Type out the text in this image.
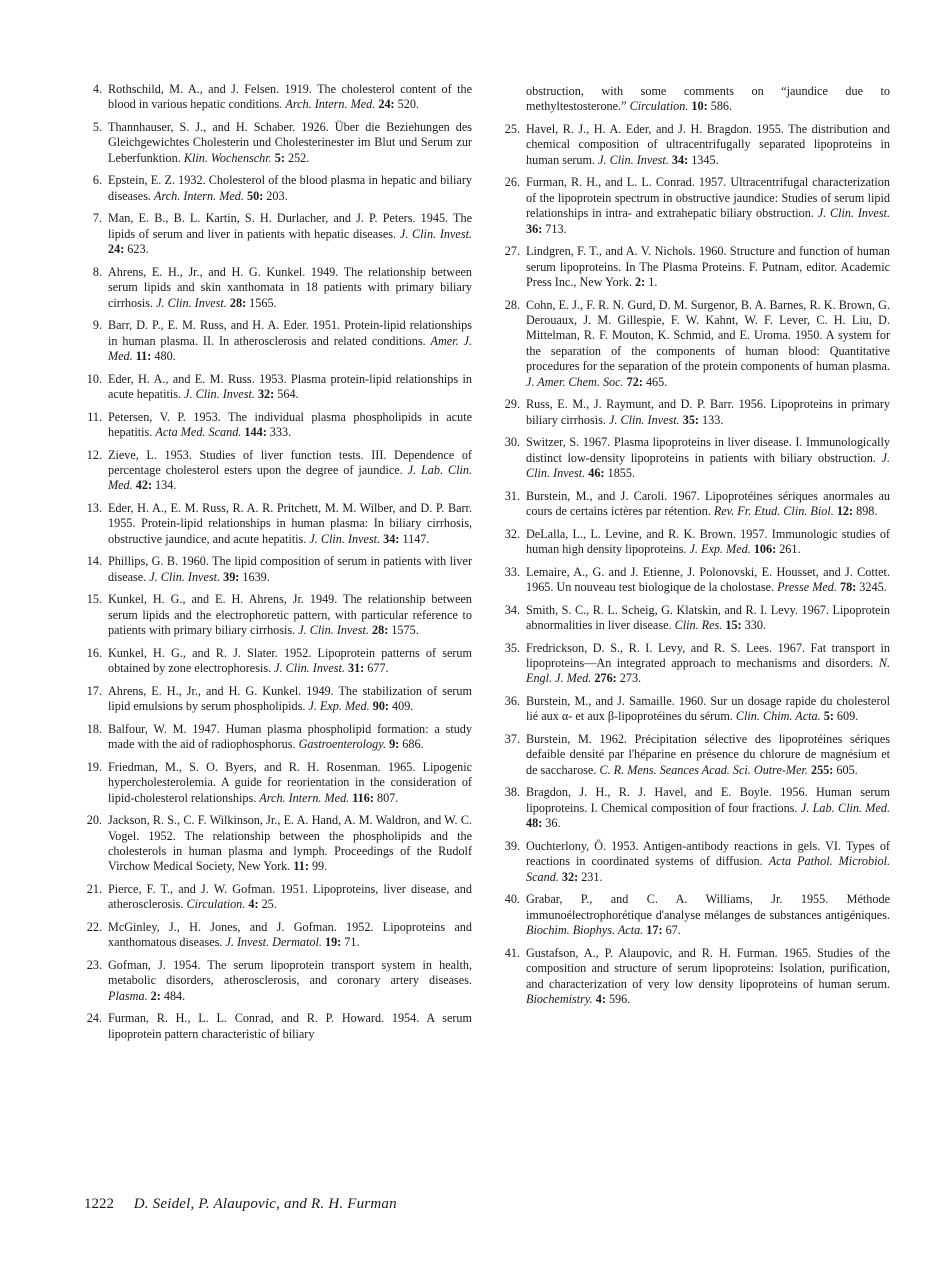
4. Rothschild, M. A., and J. Felsen. 1919. The cholesterol content of the blood in various hepatic conditions. Arch. Intern. Med. 24: 520.
5. Thannhauser, S. J., and H. Schaber. 1926. Über die Beziehungen des Gleichgewichtes Cholesterin und Cholesterinester im Blut und Serum zur Leberfunktion. Klin. Wochenschr. 5: 252.
6. Epstein, E. Z. 1932. Cholesterol of the blood plasma in hepatic and biliary diseases. Arch. Intern. Med. 50: 203.
7. Man, E. B., B. L. Kartin, S. H. Durlacher, and J. P. Peters. 1945. The lipids of serum and liver in patients with hepatic diseases. J. Clin. Invest. 24: 623.
8. Ahrens, E. H., Jr., and H. G. Kunkel. 1949. The relationship between serum lipids and skin xanthomata in 18 patients with primary biliary cirrhosis. J. Clin. Invest. 28: 1565.
9. Barr, D. P., E. M. Russ, and H. A. Eder. 1951. Protein-lipid relationships in human plasma. II. In atherosclerosis and related conditions. Amer. J. Med. 11: 480.
10. Eder, H. A., and E. M. Russ. 1953. Plasma protein-lipid relationships in acute hepatitis. J. Clin. Invest. 32: 564.
11. Petersen, V. P. 1953. The individual plasma phospholipids in acute hepatitis. Acta Med. Scand. 144: 333.
12. Zieve, L. 1953. Studies of liver function tests. III. Dependence of percentage cholesterol esters upon the degree of jaundice. J. Lab. Clin. Med. 42: 134.
13. Eder, H. A., E. M. Russ, R. A. R. Pritchett, M. M. Wilber, and D. P. Barr. 1955. Protein-lipid relationships in human plasma: In biliary cirrhosis, obstructive jaundice, and acute hepatitis. J. Clin. Invest. 34: 1147.
14. Phillips, G. B. 1960. The lipid composition of serum in patients with liver disease. J. Clin. Invest. 39: 1639.
15. Kunkel, H. G., and E. H. Ahrens, Jr. 1949. The relationship between serum lipids and the electrophoretic pattern, with particular reference to patients with primary biliary cirrhosis. J. Clin. Invest. 28: 1575.
16. Kunkel, H. G., and R. J. Slater. 1952. Lipoprotein patterns of serum obtained by zone electrophoresis. J. Clin. Invest. 31: 677.
17. Ahrens, E. H., Jr., and H. G. Kunkel. 1949. The stabilization of serum lipid emulsions by serum phospholipids. J. Exp. Med. 90: 409.
18. Balfour, W. M. 1947. Human plasma phospholipid formation: a study made with the aid of radiophosphorus. Gastroenterology. 9: 686.
19. Friedman, M., S. O. Byers, and R. H. Rosenman. 1965. Lipogenic hypercholesterolemia. A guide for reorientation in the consideration of lipid-cholesterol relationships. Arch. Intern. Med. 116: 807.
20. Jackson, R. S., C. F. Wilkinson, Jr., E. A. Hand, A. M. Waldron, and W. C. Vogel. 1952. The relationship between the phospholipids and the cholesterols in human plasma and lymph. Proceedings of the Rudolf Virchow Medical Society, New York. 11: 99.
21. Pierce, F. T., and J. W. Gofman. 1951. Lipoproteins, liver disease, and atherosclerosis. Circulation. 4: 25.
22. McGinley, J., H. Jones, and J. Gofman. 1952. Lipoproteins and xanthomatous diseases. J. Invest. Dermatol. 19: 71.
23. Gofman, J. 1954. The serum lipoprotein transport system in health, metabolic disorders, atherosclerosis, and coronary artery diseases. Plasma. 2: 484.
24. Furman, R. H., L. L. Conrad, and R. P. Howard. 1954. A serum lipoprotein pattern characteristic of biliary
obstruction, with some comments on “jaundice due to methyltestosterone.” Circulation. 10: 586.
25. Havel, R. J., H. A. Eder, and J. H. Bragdon. 1955. The distribution and chemical composition of ultracentrifugally separated lipoproteins in human serum. J. Clin. Invest. 34: 1345.
26. Furman, R. H., and L. L. Conrad. 1957. Ultracentrifugal characterization of the lipoprotein spectrum in obstructive jaundice: Studies of serum lipid relationships in intra- and extrahepatic biliary obstruction. J. Clin. Invest. 36: 713.
27. Lindgren, F. T., and A. V. Nichols. 1960. Structure and function of human serum lipoproteins. In The Plasma Proteins. F. Putnam, editor. Academic Press Inc., New York. 2: 1.
28. Cohn, E. J., F. R. N. Gurd, D. M. Surgenor, B. A. Barnes, R. K. Brown, G. Derouaux, J. M. Gillespie, F. W. Kahnt, W. F. Lever, C. H. Liu, D. Mittelman, R. F. Mouton, K. Schmid, and E. Uroma. 1950. A system for the separation of the components of human blood: Quantitative procedures for the separation of the protein components of human plasma. J. Amer. Chem. Soc. 72: 465.
29. Russ, E. M., J. Raymunt, and D. P. Barr. 1956. Lipoproteins in primary biliary cirrhosis. J. Clin. Invest. 35: 133.
30. Switzer, S. 1967. Plasma lipoproteins in liver disease. I. Immunologically distinct low-density lipoproteins in patients with biliary obstruction. J. Clin. Invest. 46: 1855.
31. Burstein, M., and J. Caroli. 1967. Lipoprotéines sériques anormales au cours de certains ictères par rétention. Rev. Fr. Etud. Clin. Biol. 12: 898.
32. DeLalla, L., L. Levine, and R. K. Brown. 1957. Immunologic studies of human high density lipoproteins. J. Exp. Med. 106: 261.
33. Lemaire, A., G. and J. Etienne, J. Polonovski, E. Housset, and J. Cottet. 1965. Un nouveau test biologique de la cholostase. Presse Med. 78: 3245.
34. Smith, S. C., R. L. Scheig, G. Klatskin, and R. I. Levy. 1967. Lipoprotein abnormalities in liver disease. Clin. Res. 15: 330.
35. Fredrickson, D. S., R. I. Levy, and R. S. Lees. 1967. Fat transport in lipoproteins—An integrated approach to mechanisms and disorders. N. Engl. J. Med. 276: 273.
36. Burstein, M., and J. Samaille. 1960. Sur un dosage rapide du cholesterol lié aux α- et aux β-lipoprotéines du sérum. Clin. Chim. Acta. 5: 609.
37. Burstein, M. 1962. Précipitation sélective des lipoprotéines sériques defaible densité par l'héparine en présence du chlorure de magnésium et de saccharose. C. R. Mens. Seances Acad. Sci. Outre-Mer. 255: 605.
38. Bragdon, J. H., R. J. Havel, and E. Boyle. 1956. Human serum lipoproteins. I. Chemical composition of four fractions. J. Lab. Clin. Med. 48: 36.
39. Ouchterlony, Ö. 1953. Antigen-antibody reactions in gels. VI. Types of reactions in coordinated systems of diffusion. Acta Pathol. Microbiol. Scand. 32: 231.
40. Grabar, P., and C. A. Williams, Jr. 1955. Méthode immunoélectrophorétique d'analyse mélanges de substances antigéniques. Biochim. Biophys. Acta. 17: 67.
41. Gustafson, A., P. Alaupovic, and R. H. Furman. 1965. Studies of the composition and structure of serum lipoproteins: Isolation, purification, and characterization of very low density lipoproteins of human serum. Biochemistry. 4: 596.
1222 D. Seidel, P. Alaupovic, and R. H. Furman
